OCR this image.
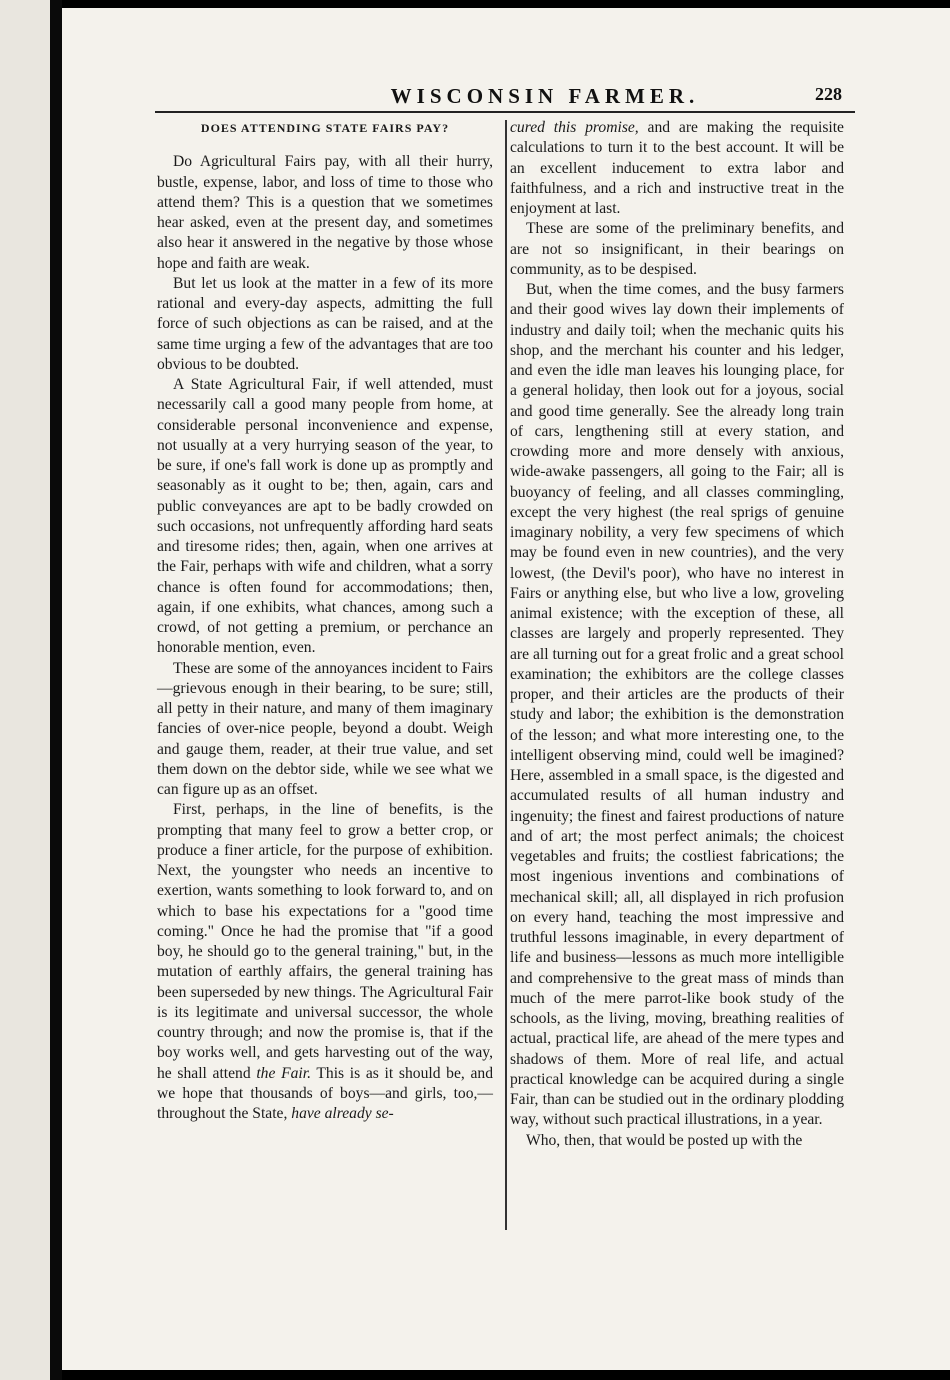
WISCONSIN FARMER.	228
DOES ATTENDING STATE FAIRS PAY?

Do Agricultural Fairs pay, with all their hurry, bustle, expense, labor, and loss of time to those who attend them? This is a question that we sometimes hear asked, even at the present day, and sometimes also hear it answered in the negative by those whose hope and faith are weak.

But let us look at the matter in a few of its more rational and every-day aspects, admitting the full force of such objections as can be raised, and at the same time urging a few of the advantages that are too obvious to be doubted.

A State Agricultural Fair, if well attended, must necessarily call a good many people from home, at considerable personal inconvenience and expense, not usually at a very hurrying season of the year, to be sure, if one's fall work is done up as promptly and seasonably as it ought to be; then, again, cars and public conveyances are apt to be badly crowded on such occasions, not unfrequently affording hard seats and tiresome rides; then, again, when one arrives at the Fair, perhaps with wife and children, what a sorry chance is often found for accommodations; then, again, if one exhibits, what chances, among such a crowd, of not getting a premium, or perchance an honorable mention, even.

These are some of the annoyances incident to Fairs—grievous enough in their bearing, to be sure; still, all petty in their nature, and many of them imaginary fancies of over-nice people, beyond a doubt. Weigh and gauge them, reader, at their true value, and set them down on the debtor side, while we see what we can figure up as an offset.

First, perhaps, in the line of benefits, is the prompting that many feel to grow a better crop, or produce a finer article, for the purpose of exhibition. Next, the youngster who needs an incentive to exertion, wants something to look forward to, and on which to base his expectations for a "good time coming." Once he had the promise that "if a good boy, he should go to the general training," but, in the mutation of earthly affairs, the general training has been superseded by new things. The Agricultural Fair is its legitimate and universal successor, the whole country through; and now the promise is, that if the boy works well, and gets harvesting out of the way, he shall attend the Fair. This is as it should be, and we hope that thousands of boys—and girls, too,—throughout the State, have already se-

cured this promise, and are making the requisite calculations to turn it to the best account. It will be an excellent inducement to extra labor and faithfulness, and a rich and instructive treat in the enjoyment at last.

These are some of the preliminary benefits, and are not so insignificant, in their bearings on community, as to be despised.

But, when the time comes, and the busy farmers and their good wives lay down their implements of industry and daily toil; when the mechanic quits his shop, and the merchant his counter and his ledger, and even the idle man leaves his lounging place, for a general holiday, then look out for a joyous, social and good time generally. See the already long train of cars, lengthening still at every station, and crowding more and more densely with anxious, wide-awake passengers, all going to the Fair; all is buoyancy of feeling, and all classes commingling, except the very highest (the real sprigs of genuine imaginary nobility, a very few specimens of which may be found even in new countries), and the very lowest, (the Devil's poor), who have no interest in Fairs or anything else, but who live a low, groveling animal existence; with the exception of these, all classes are largely and properly represented. They are all turning out for a great frolic and a great school examination; the exhibitors are the college classes proper, and their articles are the products of their study and labor; the exhibition is the demonstration of the lesson; and what more interesting one, to the intelligent observing mind, could well be imagined? Here, assembled in a small space, is the digested and accumulated results of all human industry and ingenuity; the finest and fairest productions of nature and of art; the most perfect animals; the choicest vegetables and fruits; the costliest fabrications; the most ingenious inventions and combinations of mechanical skill; all, all displayed in rich profusion on every hand, teaching the most impressive and truthful lessons imaginable, in every department of life and business—lessons as much more intelligible and comprehensive to the great mass of minds than much of the mere parrot-like book study of the schools, as the living, moving, breathing realities of actual, practical life, are ahead of the mere types and shadows of them. More of real life, and actual practical knowledge can be acquired during a single Fair, than can be studied out in the ordinary plodding way, without such practical illustrations, in a year.

Who, then, that would be posted up with the
